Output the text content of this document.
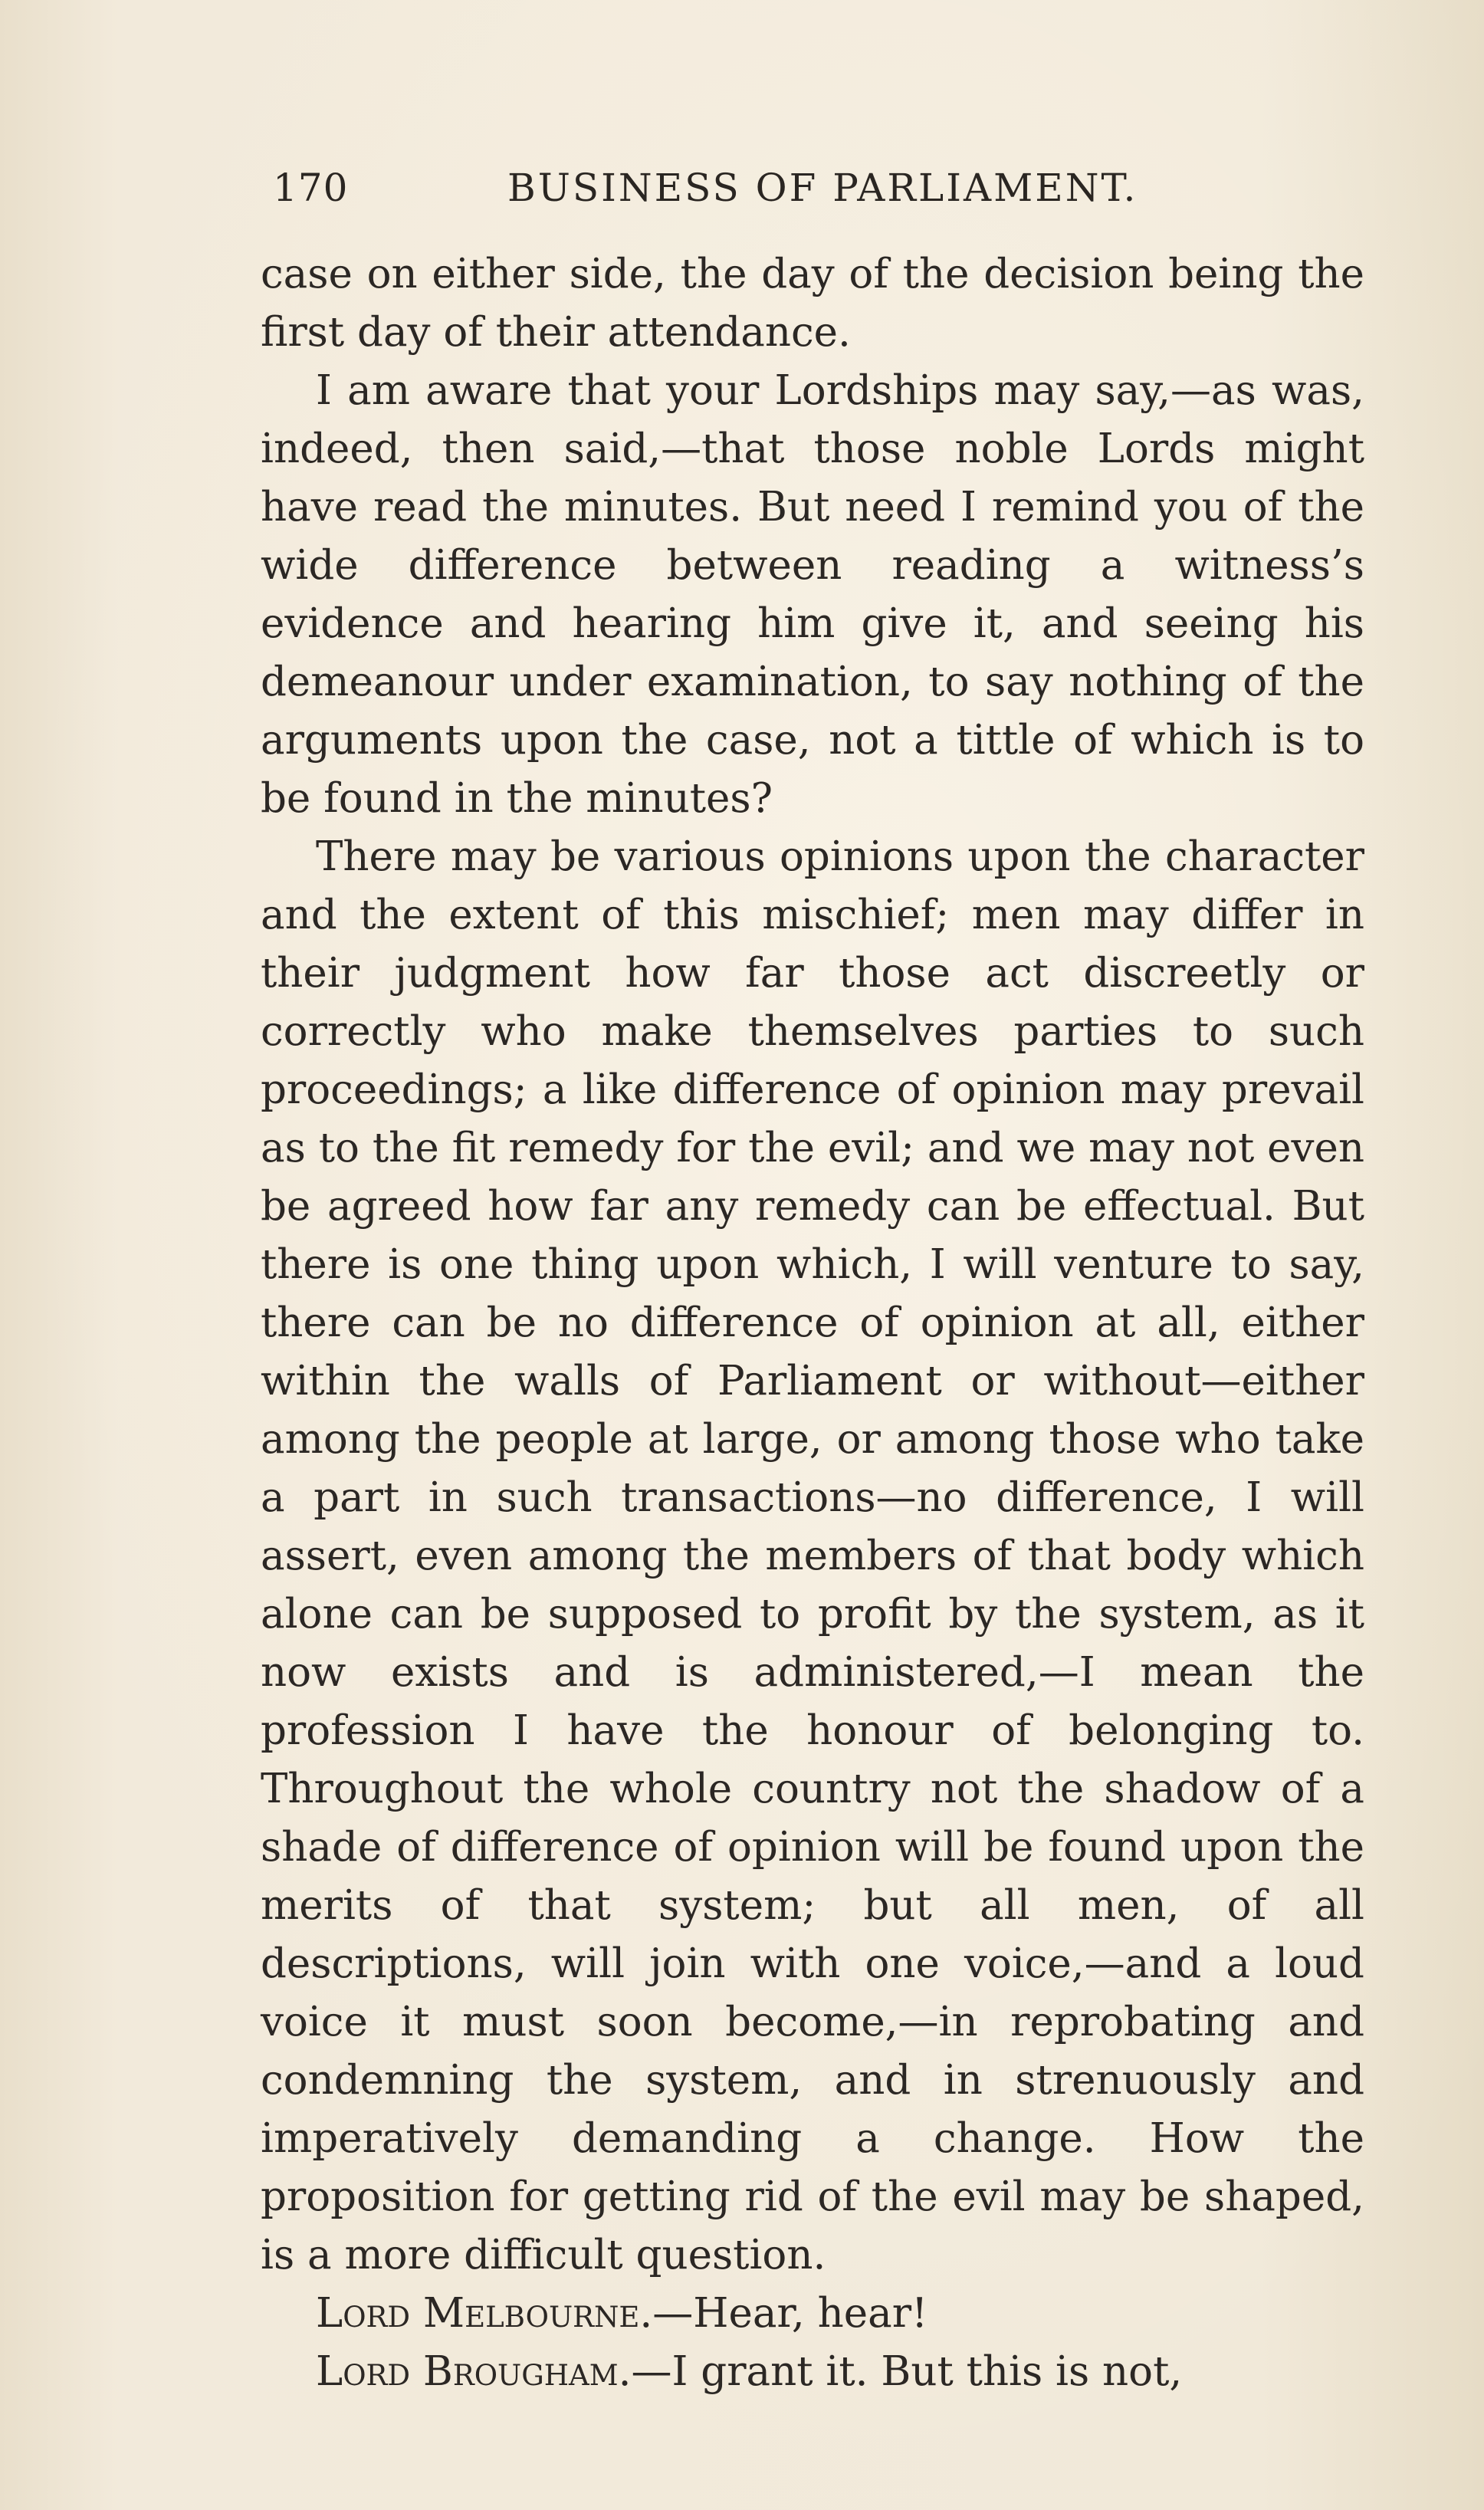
170	BUSINESS OF PARLIAMENT.

case on either side, the day of the decision being the first day of their attendance.

I am aware that your Lordships may say,—as was, indeed, then said,—that those noble Lords might have read the minutes. But need I remind you of the wide difference between reading a witness’s evidence and hearing him give it, and seeing his demeanour under examination, to say nothing of the arguments upon the case, not a tittle of which is to be found in the minutes?

There may be various opinions upon the character and the extent of this mischief; men may differ in their judgment how far those act discreetly or correctly who make themselves parties to such proceedings; a like difference of opinion may prevail as to the fit remedy for the evil; and we may not even be agreed how far any remedy can be effectual. But there is one thing upon which, I will venture to say, there can be no difference of opinion at all, either within the walls of Parliament or without—either among the people at large, or among those who take a part in such transactions—no difference, I will assert, even among the members of that body which alone can be supposed to profit by the system, as it now exists and is administered,—I mean the profession I have the honour of belonging to. Throughout the whole country not the shadow of a shade of difference of opinion will be found upon the merits of that system; but all men, of all descriptions, will join with one voice,—and a loud voice it must soon become,—in reprobating and condemning the system, and in strenuously and imperatively demanding a change. How the proposition for getting rid of the evil may be shaped, is a more difficult question.

Lord Melbourne.—Hear, hear!

Lord Brougham.—I grant it. But this is not,
